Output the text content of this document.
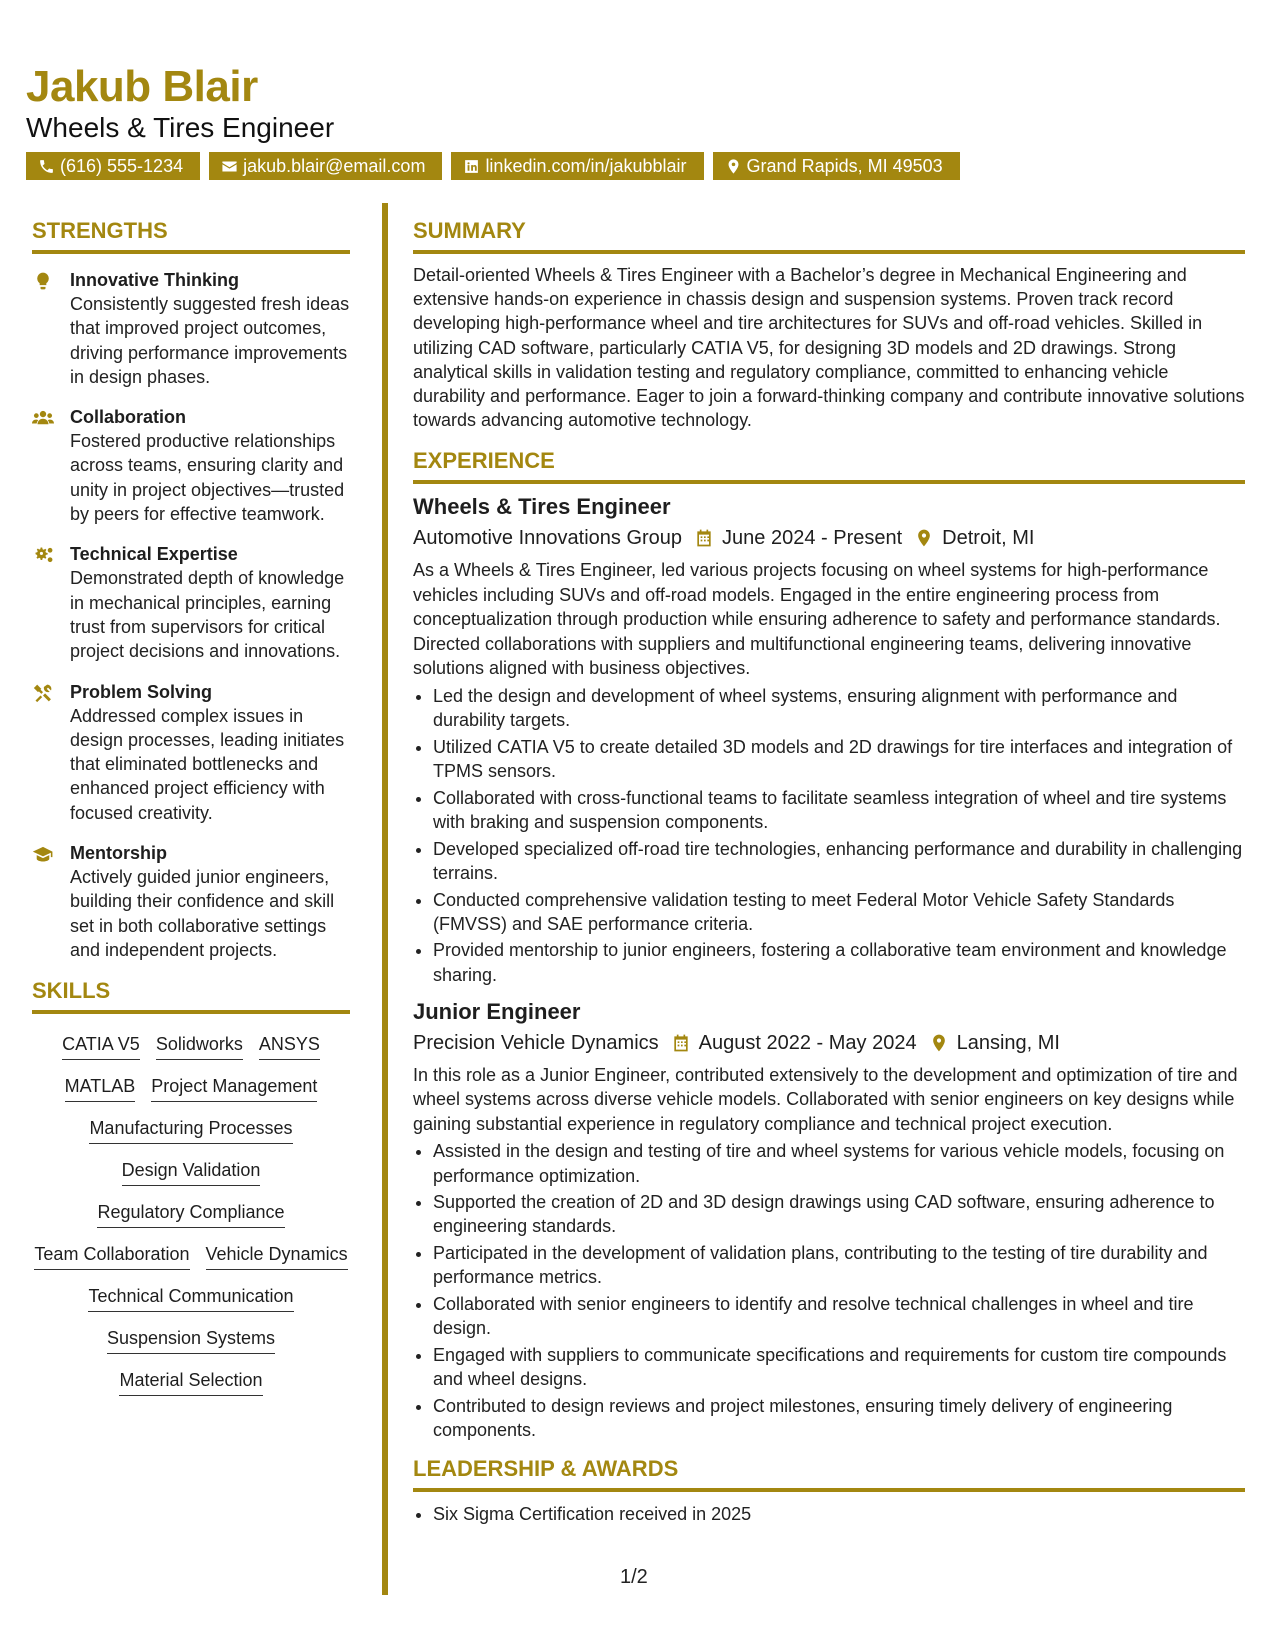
Jakub Blair
Wheels & Tires Engineer
(616) 555-1234	jakub.blair@email.com	linkedin.com/in/jakubblair	Grand Rapids, MI 49503
STRENGTHS
Innovative Thinking
Consistently suggested fresh ideas that improved project outcomes, driving performance improvements in design phases.
Collaboration
Fostered productive relationships across teams, ensuring clarity and unity in project objectives—trusted by peers for effective teamwork.
Technical Expertise
Demonstrated depth of knowledge in mechanical principles, earning trust from supervisors for critical project decisions and innovations.
Problem Solving
Addressed complex issues in design processes, leading initiates that eliminated bottlenecks and enhanced project efficiency with focused creativity.
Mentorship
Actively guided junior engineers, building their confidence and skill set in both collaborative settings and independent projects.
SKILLS
CATIA V5 Solidworks ANSYS
MATLAB Project Management
Manufacturing Processes
Design Validation
Regulatory Compliance
Team Collaboration Vehicle Dynamics
Technical Communication
Suspension Systems
Material Selection
SUMMARY
Detail-oriented Wheels & Tires Engineer with a Bachelor’s degree in Mechanical Engineering and extensive hands-on experience in chassis design and suspension systems. Proven track record developing high-performance wheel and tire architectures for SUVs and off-road vehicles. Skilled in utilizing CAD software, particularly CATIA V5, for designing 3D models and 2D drawings. Strong analytical skills in validation testing and regulatory compliance, committed to enhancing vehicle durability and performance. Eager to join a forward-thinking company and contribute innovative solutions towards advancing automotive technology.
EXPERIENCE
Wheels & Tires Engineer
Automotive Innovations Group June 2024 - Present Detroit, MI
As a Wheels & Tires Engineer, led various projects focusing on wheel systems for high-performance vehicles including SUVs and off-road models. Engaged in the entire engineering process from conceptualization through production while ensuring adherence to safety and performance standards. Directed collaborations with suppliers and multifunctional engineering teams, delivering innovative solutions aligned with business objectives.
• Led the design and development of wheel systems, ensuring alignment with performance and durability targets.
• Utilized CATIA V5 to create detailed 3D models and 2D drawings for tire interfaces and integration of TPMS sensors.
• Collaborated with cross-functional teams to facilitate seamless integration of wheel and tire systems with braking and suspension components.
• Developed specialized off-road tire technologies, enhancing performance and durability in challenging terrains.
• Conducted comprehensive validation testing to meet Federal Motor Vehicle Safety Standards (FMVSS) and SAE performance criteria.
• Provided mentorship to junior engineers, fostering a collaborative team environment and knowledge sharing.
Junior Engineer
Precision Vehicle Dynamics August 2022 - May 2024 Lansing, MI
In this role as a Junior Engineer, contributed extensively to the development and optimization of tire and wheel systems across diverse vehicle models. Collaborated with senior engineers on key designs while gaining substantial experience in regulatory compliance and technical project execution.
• Assisted in the design and testing of tire and wheel systems for various vehicle models, focusing on performance optimization.
• Supported the creation of 2D and 3D design drawings using CAD software, ensuring adherence to engineering standards.
• Participated in the development of validation plans, contributing to the testing of tire durability and performance metrics.
• Collaborated with senior engineers to identify and resolve technical challenges in wheel and tire design.
• Engaged with suppliers to communicate specifications and requirements for custom tire compounds and wheel designs.
• Contributed to design reviews and project milestones, ensuring timely delivery of engineering components.
LEADERSHIP & AWARDS
• Six Sigma Certification received in 2025
1/2
